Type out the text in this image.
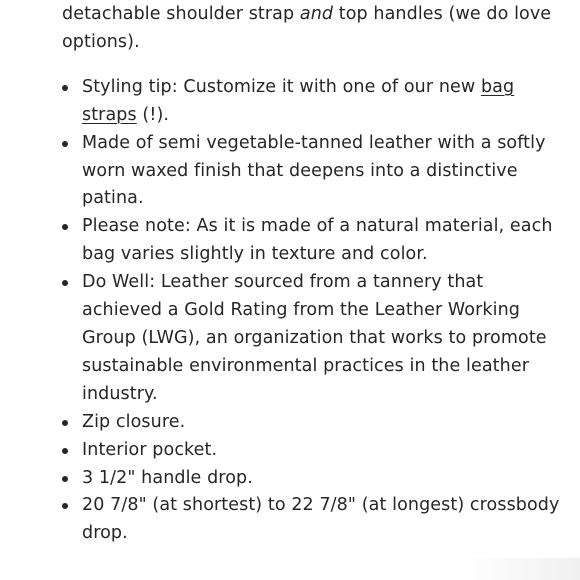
detachable shoulder strap and top handles (we do love options).

Styling tip: Customize it with one of our new bag straps (!).
Made of semi vegetable-tanned leather with a softly worn waxed finish that deepens into a distinctive patina.
Please note: As it is made of a natural material, each bag varies slightly in texture and color.
Do Well: Leather sourced from a tannery that achieved a Gold Rating from the Leather Working Group (LWG), an organization that works to promote sustainable environmental practices in the leather industry.
Zip closure.
Interior pocket.
3 1/2" handle drop.
20 7/8" (at shortest) to 22 7/8" (at longest) crossbody drop.
